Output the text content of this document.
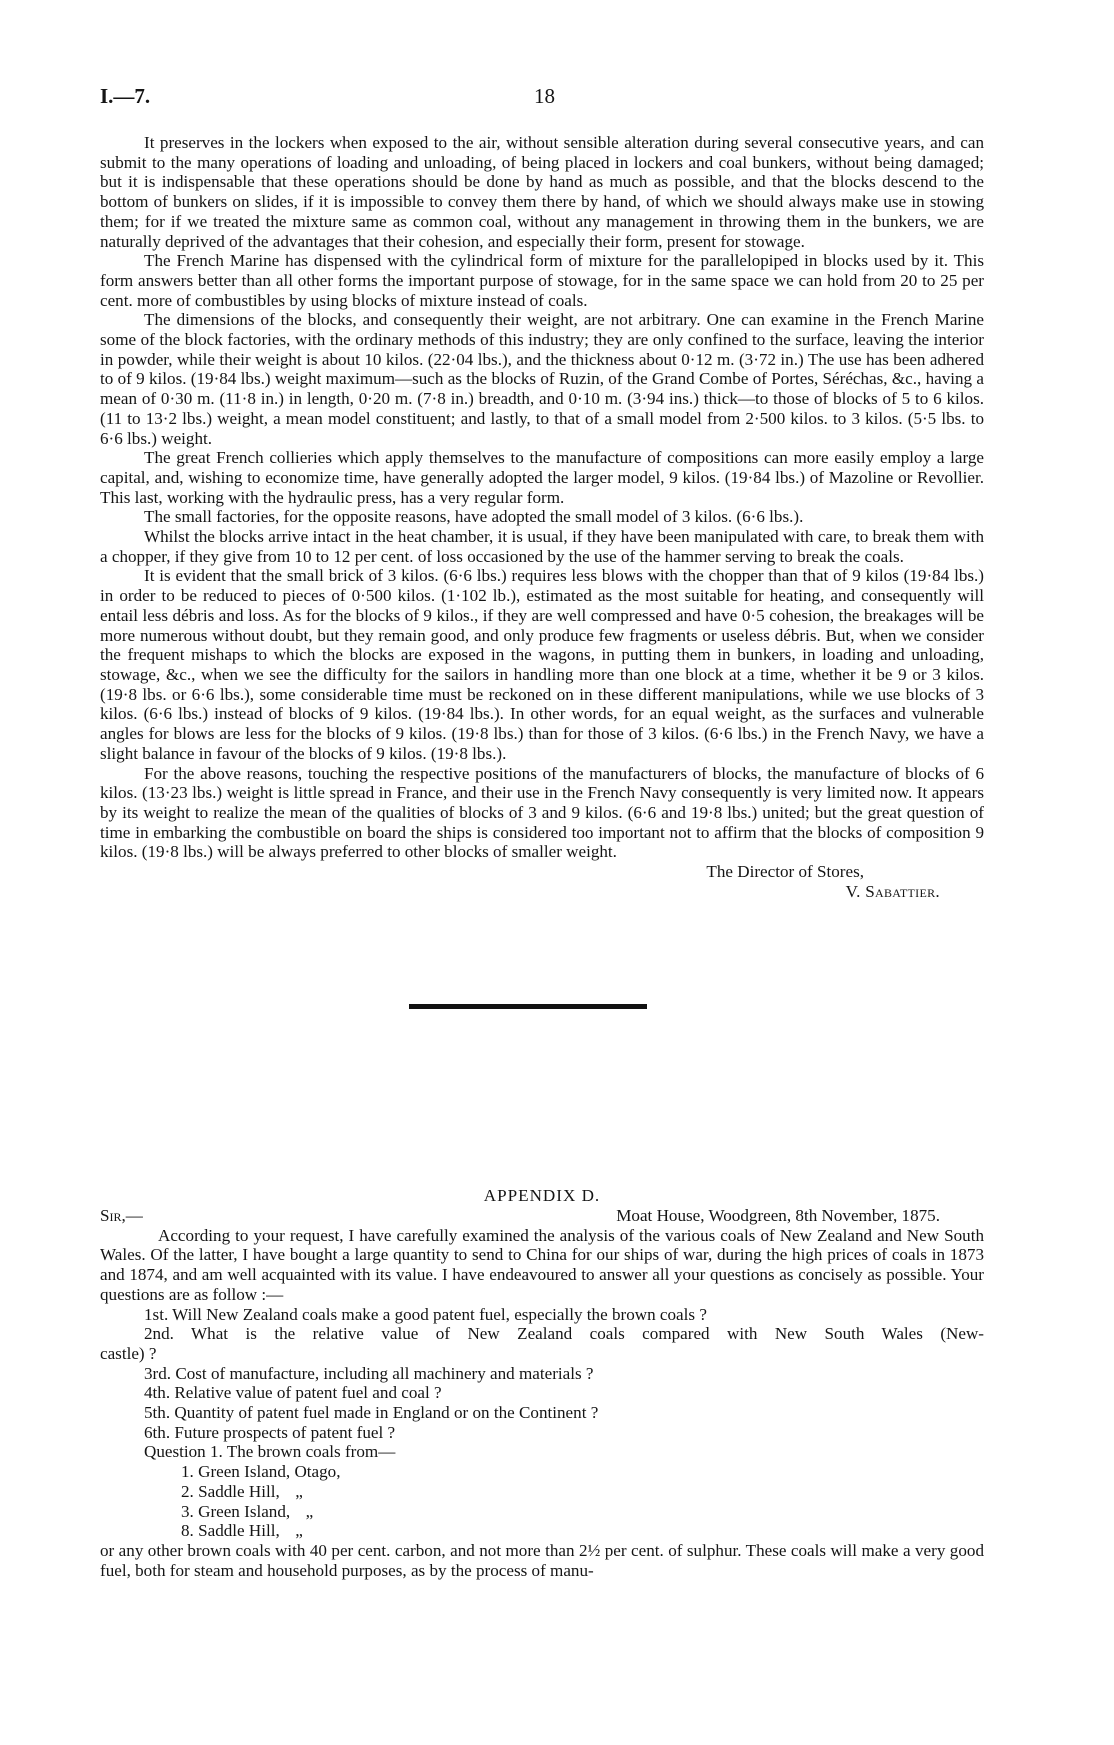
I.—7.	18

It preserves in the lockers when exposed to the air, without sensible alteration during several consecutive years, and can submit to the many operations of loading and unloading, of being placed in lockers and coal bunkers, without being damaged; but it is indispensable that these operations should be done by hand as much as possible, and that the blocks descend to the bottom of bunkers on slides, if it is impossible to convey them there by hand, of which we should always make use in stowing them; for if we treated the mixture same as common coal, without any management in throwing them in the bunkers, we are naturally deprived of the advantages that their cohesion, and especially their form, present for stowage.

The French Marine has dispensed with the cylindrical form of mixture for the parallelopiped in blocks used by it. This form answers better than all other forms the important purpose of stowage, for in the same space we can hold from 20 to 25 per cent. more of combustibles by using blocks of mixture instead of coals.

The dimensions of the blocks, and consequently their weight, are not arbitrary. One can examine in the French Marine some of the block factories, with the ordinary methods of this industry; they are only confined to the surface, leaving the interior in powder, while their weight is about 10 kilos. (22·04 lbs.), and the thickness about 0·12 m. (3·72 in.) The use has been adhered to of 9 kilos. (19·84 lbs.) weight maximum—such as the blocks of Ruzin, of the Grand Combe of Portes, Séréchas, &c., having a mean of 0·30 m. (11·8 in.) in length, 0·20 m. (7·8 in.) breadth, and 0·10 m. (3·94 ins.) thick—to those of blocks of 5 to 6 kilos. (11 to 13·2 lbs.) weight, a mean model constituent; and lastly, to that of a small model from 2·500 kilos. to 3 kilos. (5·5 lbs. to 6·6 lbs.) weight.

The great French collieries which apply themselves to the manufacture of compositions can more easily employ a large capital, and, wishing to economize time, have generally adopted the larger model, 9 kilos. (19·84 lbs.) of Mazoline or Revollier. This last, working with the hydraulic press, has a very regular form.

The small factories, for the opposite reasons, have adopted the small model of 3 kilos. (6·6 lbs.).

Whilst the blocks arrive intact in the heat chamber, it is usual, if they have been manipulated with care, to break them with a chopper, if they give from 10 to 12 per cent. of loss occasioned by the use of the hammer serving to break the coals.

It is evident that the small brick of 3 kilos. (6·6 lbs.) requires less blows with the chopper than that of 9 kilos (19·84 lbs.) in order to be reduced to pieces of 0·500 kilos. (1·102 lb.), estimated as the most suitable for heating, and consequently will entail less débris and loss. As for the blocks of 9 kilos., if they are well compressed and have 0·5 cohesion, the breakages will be more numerous without doubt, but they remain good, and only produce few fragments or useless débris. But, when we consider the frequent mishaps to which the blocks are exposed in the wagons, in putting them in bunkers, in loading and unloading, stowage, &c., when we see the difficulty for the sailors in handling more than one block at a time, whether it be 9 or 3 kilos. (19·8 lbs. or 6·6 lbs.), some considerable time must be reckoned on in these different manipulations, while we use blocks of 3 kilos. (6·6 lbs.) instead of blocks of 9 kilos. (19·84 lbs.). In other words, for an equal weight, as the surfaces and vulnerable angles for blows are less for the blocks of 9 kilos. (19·8 lbs.) than for those of 3 kilos. (6·6 lbs.) in the French Navy, we have a slight balance in favour of the blocks of 9 kilos. (19·8 lbs.).

For the above reasons, touching the respective positions of the manufacturers of blocks, the manufacture of blocks of 6 kilos. (13·23 lbs.) weight is little spread in France, and their use in the French Navy consequently is very limited now. It appears by its weight to realize the mean of the qualities of blocks of 3 and 9 kilos. (6·6 and 19·8 lbs.) united; but the great question of time in embarking the combustible on board the ships is considered too important not to affirm that the blocks of composition 9 kilos. (19·8 lbs.) will be always preferred to other blocks of smaller weight.

The Director of Stores,

V. Sabattier.

APPENDIX D.

Sir,—	Moat House, Woodgreen, 8th November, 1875.

According to your request, I have carefully examined the analysis of the various coals of New Zealand and New South Wales. Of the latter, I have bought a large quantity to send to China for our ships of war, during the high prices of coals in 1873 and 1874, and am well acquainted with its value. I have endeavoured to answer all your questions as concisely as possible. Your questions are as follow :—

1st. Will New Zealand coals make a good patent fuel, especially the brown coals ?

2nd. What is the relative value of New Zealand coals compared with New South Wales (New-

castle) ?

3rd. Cost of manufacture, including all machinery and materials ?

4th. Relative value of patent fuel and coal ?

5th. Quantity of patent fuel made in England or on the Continent ?

6th. Future prospects of patent fuel ?

Question 1. The brown coals from—

1. Green Island, Otago,

2. Saddle Hill, „

3. Green Island, „

8. Saddle Hill, „

or any other brown coals with 40 per cent. carbon, and not more than 2½ per cent. of sulphur. These coals will make a very good fuel, both for steam and household purposes, as by the process of manu-
